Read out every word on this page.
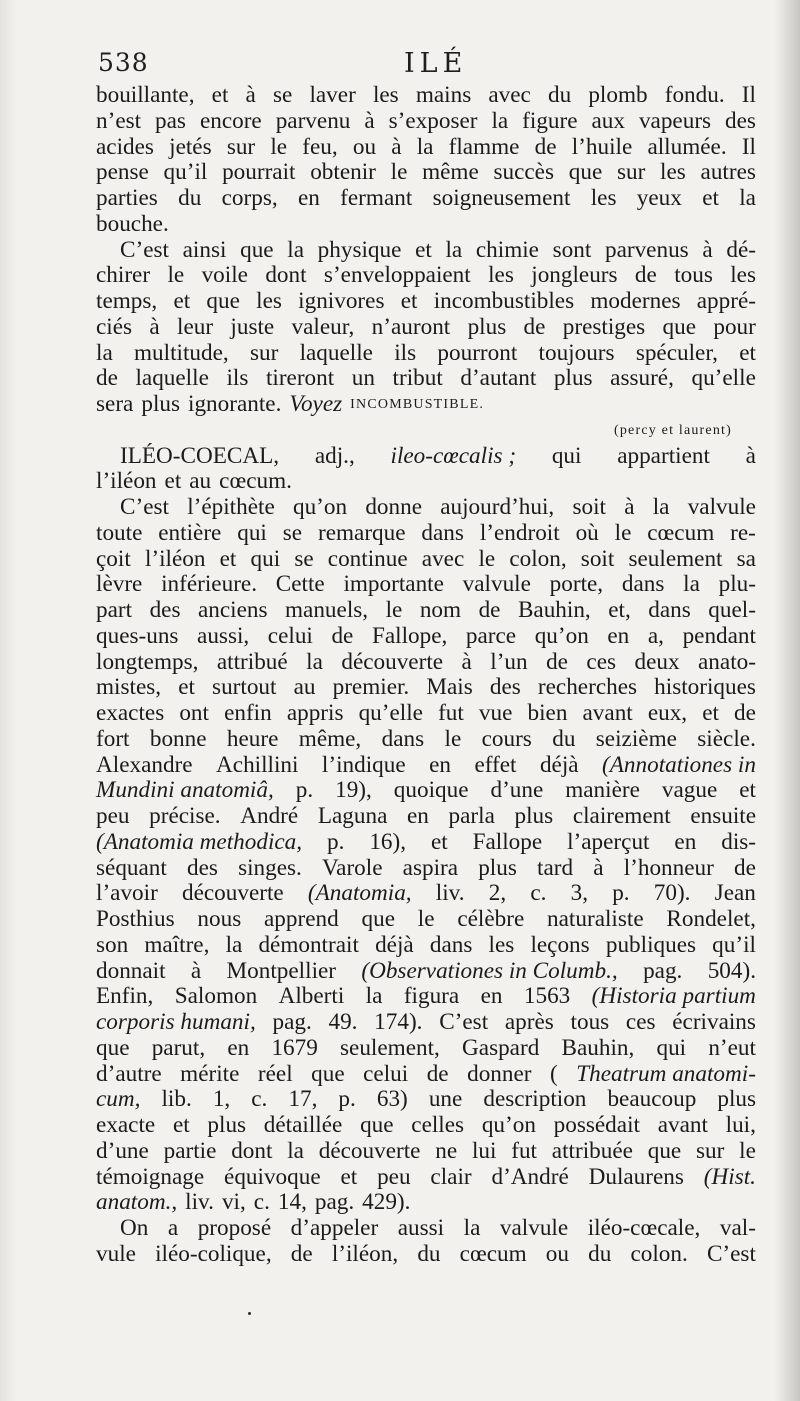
538	ILÉ
bouillante, et à se laver les mains avec du plomb fondu. Il
n’est pas encore parvenu à s’exposer la figure aux vapeurs des
acides jetés sur le feu, ou à la flamme de l’huile allumée. Il
pense qu’il pourrait obtenir le même succès que sur les autres
parties du corps, en fermant soigneusement les yeux et la
bouche.
C’est ainsi que la physique et la chimie sont parvenus à dé-
chirer le voile dont s’enveloppaient les jongleurs de tous les
temps, et que les ignivores et incombustibles modernes appré-
ciés à leur juste valeur, n’auront plus de prestiges que pour
la multitude, sur laquelle ils pourront toujours spéculer, et
de laquelle ils tireront un tribut d’autant plus assuré, qu’elle
sera plus ignorante. Voyez INCOMBUSTIBLE.
(percy et laurent)
ILÉO-COECAL, adj., ileo-cœcalis ; qui appartient à
l’iléon et au cœcum.
C’est l’épithète qu’on donne aujourd’hui, soit à la valvule
toute entière qui se remarque dans l’endroit où le cœcum re-
çoit l’iléon et qui se continue avec le colon, soit seulement sa
lèvre inférieure. Cette importante valvule porte, dans la plu-
part des anciens manuels, le nom de Bauhin, et, dans quel-
ques-uns aussi, celui de Fallope, parce qu’on en a, pendant
longtemps, attribué la découverte à l’un de ces deux anato-
mistes, et surtout au premier. Mais des recherches historiques
exactes ont enfin appris qu’elle fut vue bien avant eux, et de
fort bonne heure même, dans le cours du seizième siècle.
Alexandre Achillini l’indique en effet déjà (Annotationes in
Mundini anatomiâ, p. 19), quoique d’une manière vague et
peu précise. André Laguna en parla plus clairement ensuite
(Anatomia methodica, p. 16), et Fallope l’aperçut en dis-
séquant des singes. Varole aspira plus tard à l’honneur de
l’avoir découverte (Anatomia, liv. 2, c. 3, p. 70). Jean
Posthius nous apprend que le célèbre naturaliste Rondelet,
son maître, la démontrait déjà dans les leçons publiques qu’il
donnait à Montpellier (Observationes in Columb., pag. 504).
Enfin, Salomon Alberti la figura en 1563 (Historia partium
corporis humani, pag. 49. 174). C’est après tous ces écrivains
que parut, en 1679 seulement, Gaspard Bauhin, qui n’eut
d’autre mérite réel que celui de donner ( Theatrum anatomi-
cum, lib. 1, c. 17, p. 63) une description beaucoup plus
exacte et plus détaillée que celles qu’on possédait avant lui,
d’une partie dont la découverte ne lui fut attribuée que sur le
témoignage équivoque et peu clair d’André Dulaurens (Hist.
anatom., liv. vi, c. 14, pag. 429).
On a proposé d’appeler aussi la valvule iléo-cœcale, val-
vule iléo-colique, de l’iléon, du cœcum ou du colon. C’est
